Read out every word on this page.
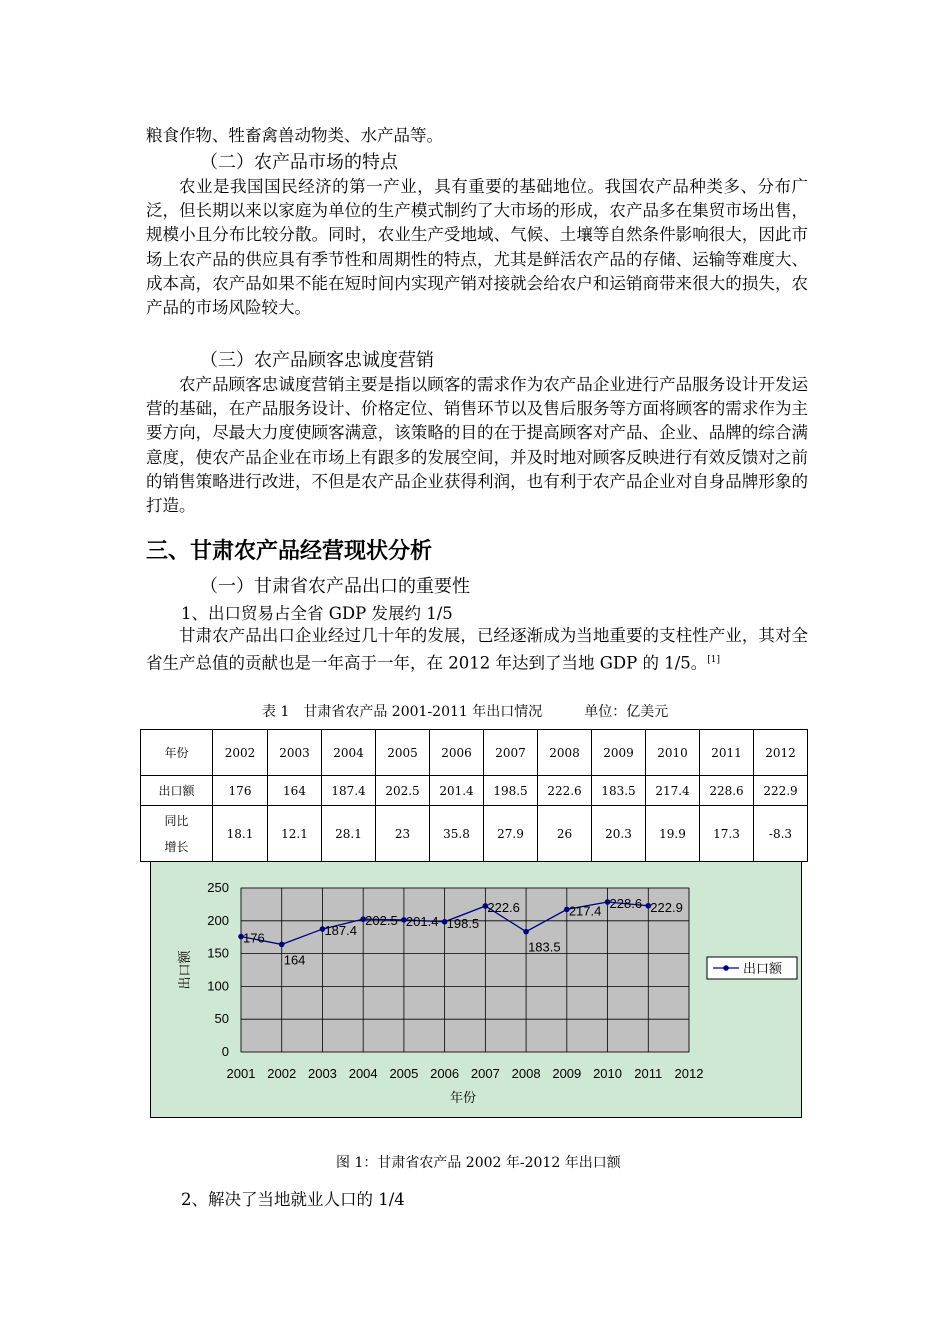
粮食作物、牲畜禽兽动物类、水产品等。

（二）农产品市场的特点

农业是我国国民经济的第一产业，具有重要的基础地位。我国农产品种类多、分布广泛，但长期以来以家庭为单位的生产模式制约了大市场的形成，农产品多在集贸市场出售，规模小且分布比较分散。同时，农业生产受地域、气候、土壤等自然条件影响很大，因此市场上农产品的供应具有季节性和周期性的特点，尤其是鲜活农产品的存储、运输等难度大、成本高，农产品如果不能在短时间内实现产销对接就会给农户和运销商带来很大的损失，农产品的市场风险较大。

（三）农产品顾客忠诚度营销

农产品顾客忠诚度营销主要是指以顾客的需求作为农产品企业进行产品服务设计开发运营的基础，在产品服务设计、价格定位、销售环节以及售后服务等方面将顾客的需求作为主要方向，尽最大力度使顾客满意，该策略的目的在于提高顾客对产品、企业、品牌的综合满意度，使农产品企业在市场上有跟多的发展空间，并及时地对顾客反映进行有效反馈对之前的销售策略进行改进，不但是农产品企业获得利润，也有利于农产品企业对自身品牌形象的打造。

三、甘肃农产品经营现状分析

（一）甘肃省农产品出口的重要性

1、出口贸易占全省 GDP 发展约 1/5

甘肃农产品出口企业经过几十年的发展，已经逐渐成为当地重要的支柱性产业，其对全省生产总值的贡献也是一年高于一年，在 2012 年达到了当地 GDP 的 1/5。[1]

表 1　甘肃省农产品 2001-2011 年出口情况　　　单位：亿美元

年份	2002	2003	2004	2005	2006	2007	2008	2009	2010	2011	2012
出口额	176	164	187.4	202.5	201.4	198.5	222.6	183.5	217.4	228.6	222.9
同比增长	18.1	12.1	28.1	23	35.8	27.9	26	20.3	19.9	17.3	-8.3
0
50
100
150
200
250
2001 2002 2003 2004 2005 2006 2007 2008 2009 2010 2011 2012
176
164
187.4
202.5 201.4 198.5
222.6
183.5
217.4 228.6 222.9
年份
出口额	出口额

图 1：甘肃省农产品 2002 年-2012 年出口额

2、解决了当地就业人口的 1/4
